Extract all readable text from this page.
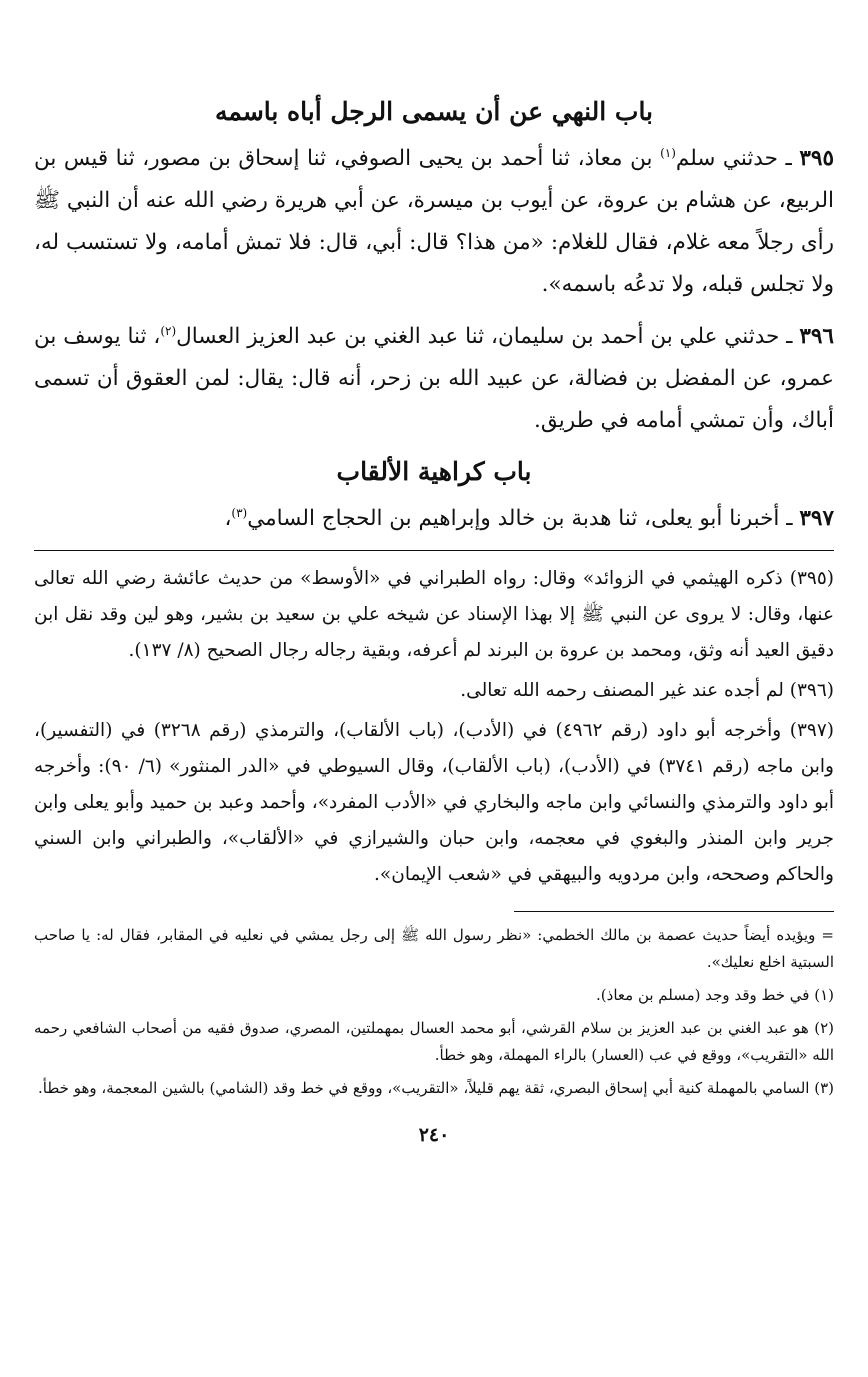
باب النهي عن أن يسمى الرجل أباه باسمه

٣٩٥ ـ حدثني سلم$^{(١)}$ بن معاذ، ثنا أحمد بن يحيى الصوفي، ثنا إسحاق بن مصور، ثنا قيس بن الربيع، عن هشام بن عروة، عن أيوب بن ميسرة، عن أبي هريرة رضي الله عنه أن النبي ﷺ رأى رجلاً معه غلام، فقال للغلام: «من هذا؟ قال: أبي، قال: فلا تمش أمامه، ولا تستسب له، ولا تجلس قبله، ولا تدعُه باسمه».

٣٩٦ ـ حدثني علي بن أحمد بن سليمان، ثنا عبد الغني بن عبد العزيز العسال$^{(٢)}$، ثنا يوسف بن عمرو، عن المفضل بن فضالة، عن عبيد الله بن زحر، أنه قال: يقال: لمن العقوق أن تسمى أباك، وأن تمشي أمامه في طريق.

باب كراهية الألقاب

٣٩٧ ـ أخبرنا أبو يعلى، ثنا هدبة بن خالد وإبراهيم بن الحجاج السامي$^{(٣)}$،

(٣٩٥) ذكره الهيثمي في الزوائد» وقال: رواه الطبراني في «الأوسط» من حديث عائشة رضي الله تعالى عنها، وقال: لا يروى عن النبي ﷺ إلا بهذا الإسناد عن شيخه علي بن سعيد بن بشير، وهو لين وقد نقل ابن دقيق العيد أنه وثق، ومحمد بن عروة بن البرند لم أعرفه، وبقية رجاله رجال الصحيح (٨/ ١٣٧).

(٣٩٦) لم أجده عند غير المصنف رحمه الله تعالى.

(٣٩٧) وأخرجه أبو داود (رقم ٤٩٦٢) في (الأدب)، (باب الألقاب)، والترمذي (رقم ٣٢٦٨) في (التفسير)، وابن ماجه (رقم ٣٧٤١) في (الأدب)، (باب الألقاب)، وقال السيوطي في «الدر المنثور» (٦/ ٩٠): وأخرجه أبو داود والترمذي والنسائي وابن ماجه والبخاري في «الأدب المفرد»، وأحمد وعبد بن حميد وأبو يعلى وابن جرير وابن المنذر والبغوي في معجمه، وابن حبان والشيرازي في «الألقاب»، والطبراني وابن السني والحاكم وصححه، وابن مردويه والبيهقي في «شعب الإيمان».

= ويؤيده أيضاً حديث عصمة بن مالك الخطمي: «نظر رسول الله ﷺ إلى رجل يمشي في نعليه في المقابر، فقال له: يا صاحب السبتية اخلع نعليك».

(١) في خط وقد وجد (مسلم بن معاذ).

(٢) هو عبد الغني بن عبد العزيز بن سلام القرشي، أبو محمد العسال بمهملتين، المصري، صدوق فقيه من أصحاب الشافعي رحمه الله «التقريب»، ووقع في عب (العسار) بالراء المهملة، وهو خطأ.

(٣) السامي بالمهملة كنية أبي إسحاق البصري، ثقة يهم قليلاً، «التقريب»، ووقع في خط وقد (الشامي) بالشين المعجمة، وهو خطأ.

٢٤٠
